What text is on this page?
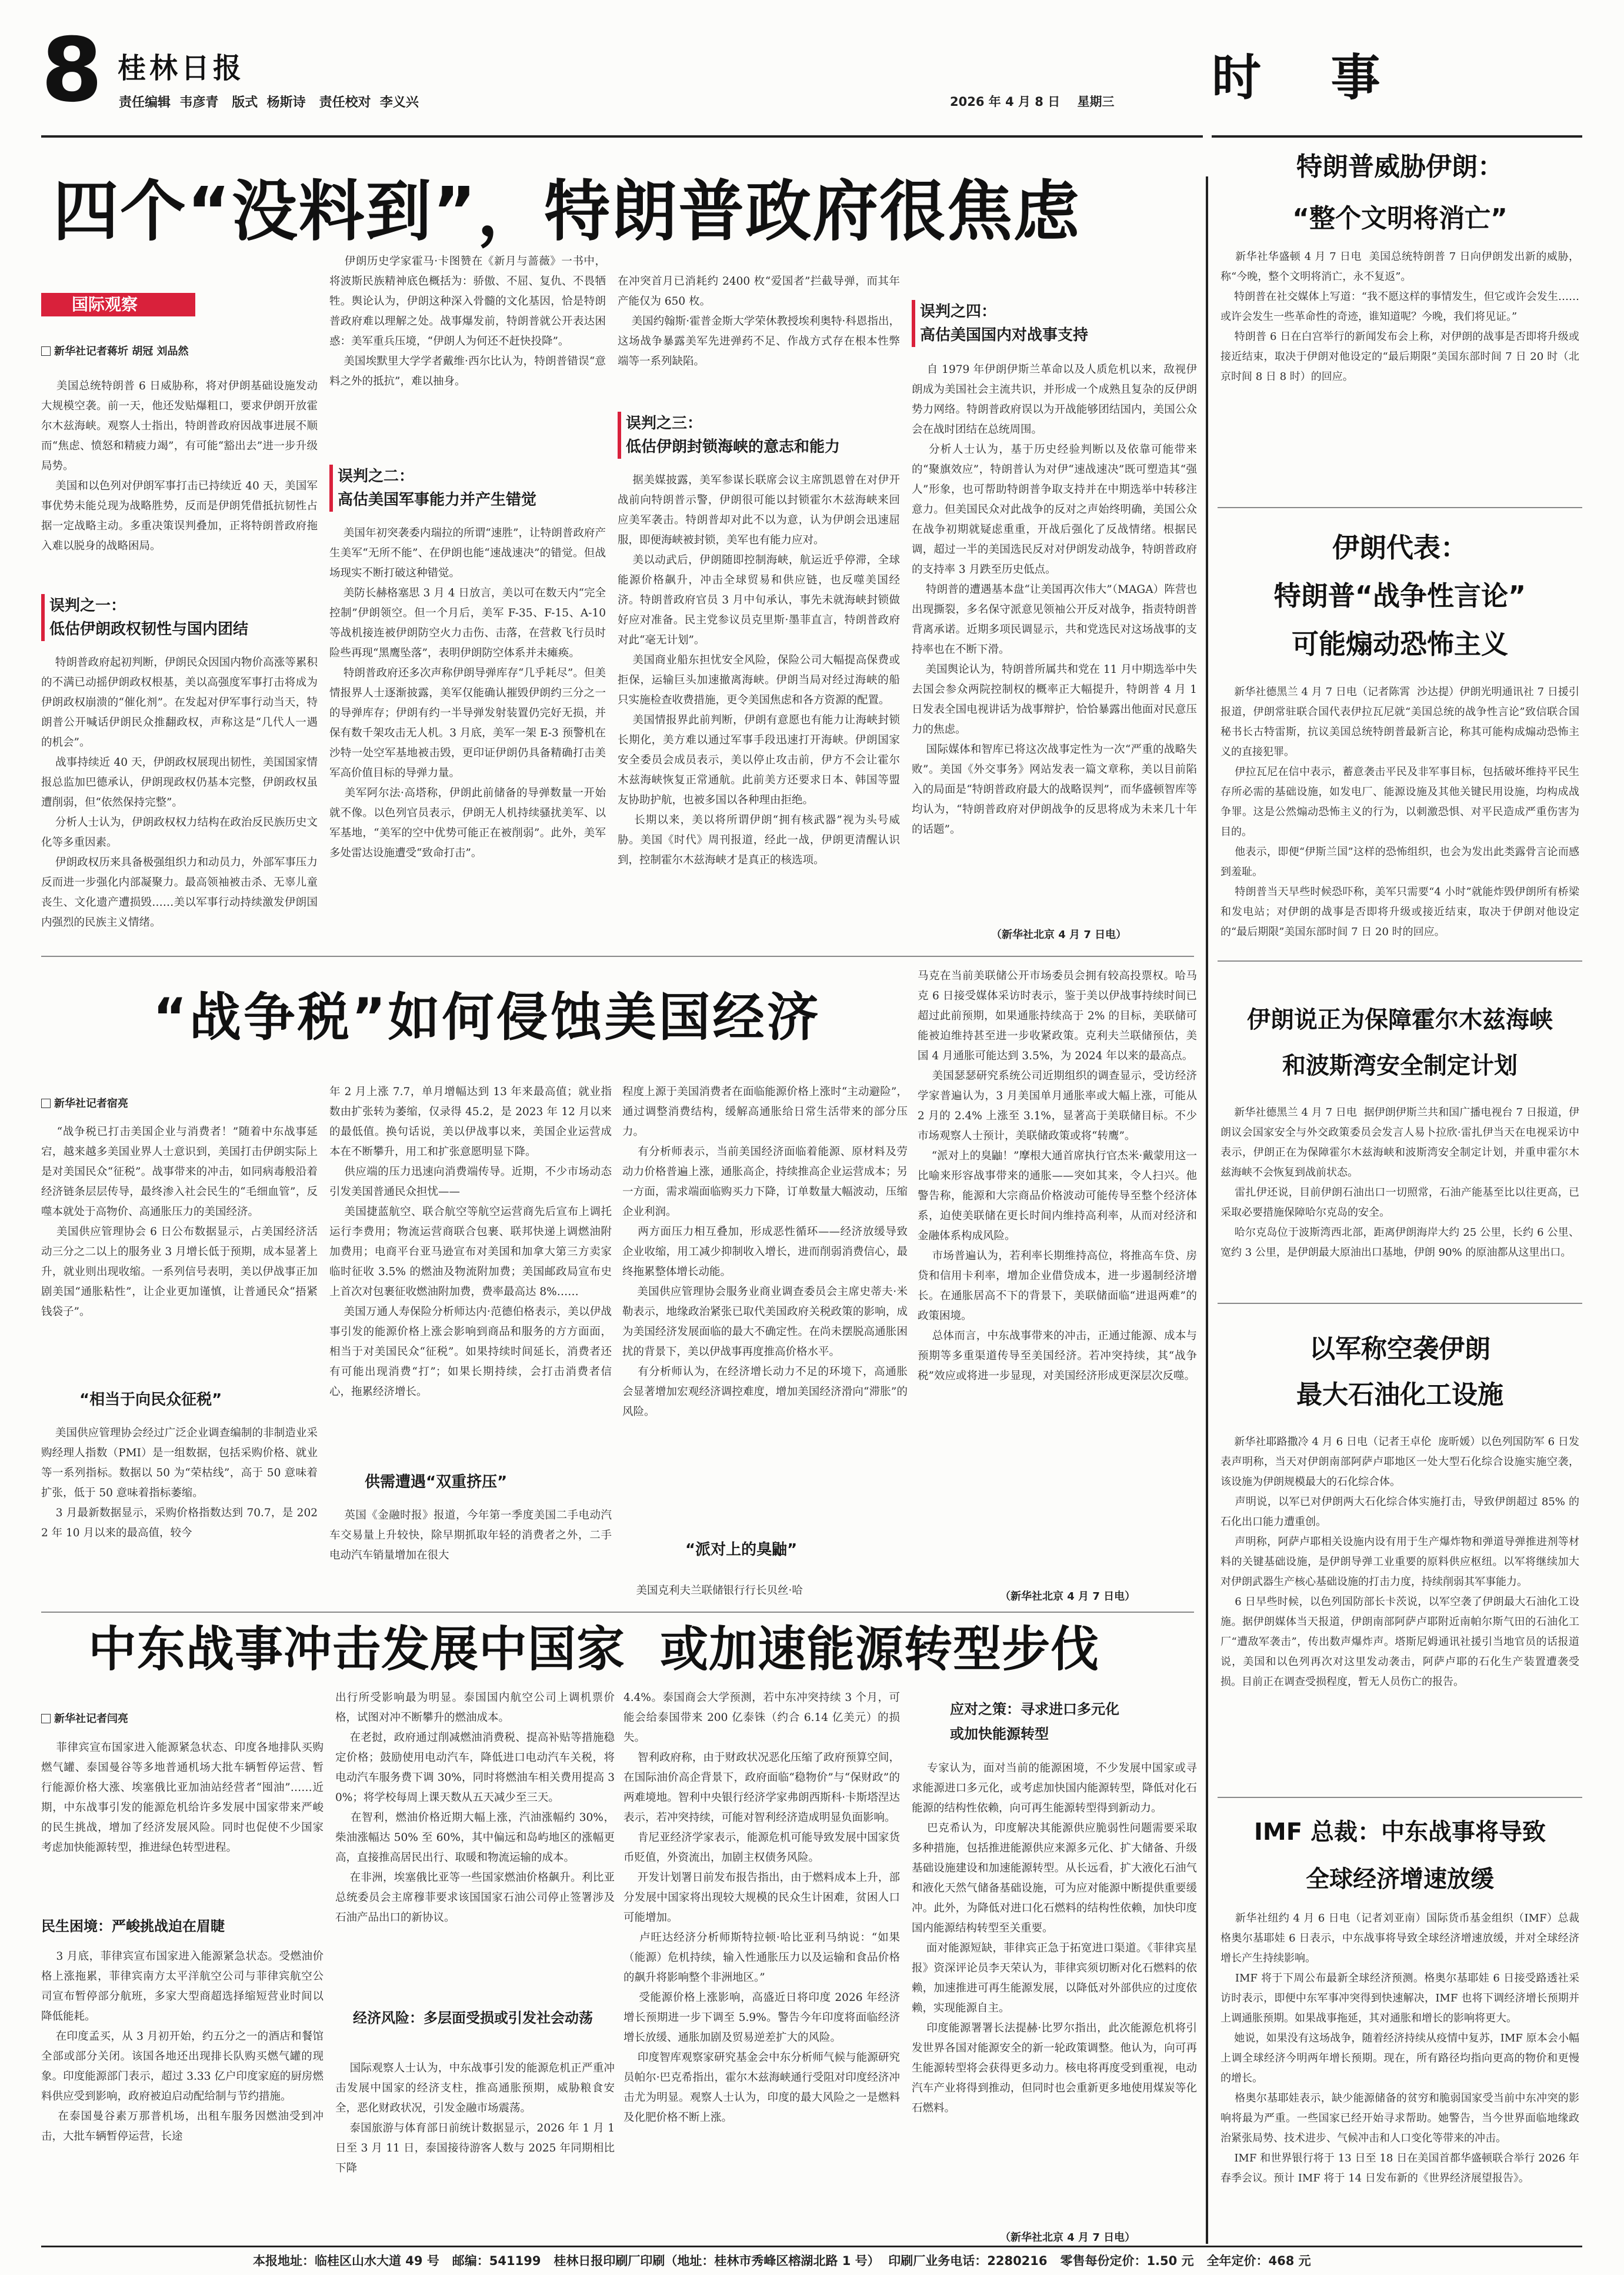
8 桂林日报
责任编辑  韦彦青   版式  杨斯诗   责任校对  李义兴	2026 年 4 月 8 日    星期三 时  事
四个“没料到”，特朗普政府很焦虑
国际观察
新华社记者蒋圻 胡冠 刘品然
美国总统特朗普 6 日威胁称，将对伊朗基础设施发动大规模空袭。前一天，他还发贴爆粗口，要求伊朗开放霍尔木兹海峡。观察人士指出，特朗普政府因战事进展不顺而“焦虑、愤怒和精疲力竭”，有可能“豁出去”进一步升级局势。
美国和以色列对伊朗军事打击已持续近 40 天，美国军事优势未能兑现为战略胜势，反而是伊朗凭借抵抗韧性占据一定战略主动。多重决策误判叠加，正将特朗普政府拖入难以脱身的战略困局。
误判之一：
低估伊朗政权韧性与国内团结
特朗普政府起初判断，伊朗民众因国内物价高涨等累积的不满已动摇伊朗政权根基，美以高强度军事打击将成为伊朗政权崩溃的“催化剂”。在发起对伊军事行动当天，特朗普公开喊话伊朗民众推翻政权，声称这是“几代人一遇的机会”。
战事持续近 40 天，伊朗政权展现出韧性，美国国家情报总监加巴德承认，伊朗现政权仍基本完整，伊朗政权虽遭削弱，但“依然保持完整”。
分析人士认为，伊朗政权权力结构在政治反民族历史文化等多重因素。
伊朗政权历来具备极强组织力和动员力，外部军事压力反而进一步强化内部凝聚力。最高领袖被击杀、无辜儿童丧生、文化遗产遭损毁……美以军事行动持续激发伊朗国内强烈的民族主义情绪。
伊朗历史学家霍马·卡图赞在《新月与蔷薇》一书中，将波斯民族精神底色概括为：骄傲、不屈、复仇、不畏牺牲。舆论认为，伊朗这种深入骨髓的文化基因，恰是特朗普政府难以理解之处。战事爆发前，特朗普就公开表达困惑：美军重兵压境，“伊朗人为何还不赶快投降”。
美国埃默里大学学者戴维·西尔比认为，特朗普错误“意料之外的抵抗”，难以抽身。
误判之二：
高估美国军事能力并产生错觉
美国年初突袭委内瑞拉的所谓“速胜”，让特朗普政府产生美军“无所不能”、在伊朗也能“速战速决”的错觉。但战场现实不断打破这种错觉。
美防长赫格塞思 3 月 4 日放言，美以可在数天内“完全控制”伊朗领空。但一个月后，美军 F-35、F-15、A-10 等战机接连被伊朗防空火力击伤、击落，在营救飞行员时险些再现“黑鹰坠落”，表明伊朗防空体系并未瘫痪。
特朗普政府还多次声称伊朗导弹库存“几乎耗尽”。但美情报界人士逐渐披露，美军仅能确认摧毁伊朗约三分之一的导弹库存；伊朗有约一半导弹发射装置仍完好无损，并保有数千架攻击无人机。3 月底，美军一架 E-3 预警机在沙特一处空军基地被击毁，更印证伊朗仍具备精确打击美军高价值目标的导弹力量。
美军阿尔法·高塔称，伊朗此前储备的导弹数量一开始就不像。以色列官员表示，伊朗无人机持续骚扰美军、以军基地，“美军的空中优势可能正在被削弱”。此外，美军多处雷达设施遭受“致命打击”。
在冲突首月已消耗约 2400 枚“爱国者”拦截导弹，而其年产能仅为 650 枚。
美国约翰斯·霍普金斯大学荣休教授埃利奥特·科恩指出，这场战争暴露美军先进弹药不足、作战方式存在根本性弊端等一系列缺陷。
误判之三：
低估伊朗封锁海峡的意志和能力
据美媒披露，美军参谋长联席会议主席凯恩曾在对伊开战前向特朗普示警，伊朗很可能以封锁霍尔木兹海峡来回应美军袭击。特朗普却对此不以为意，认为伊朗会迅速屈服，即便海峡被封锁，美军也有能力应对。
美以动武后，伊朗随即控制海峡，航运近乎停滞，全球能源价格飙升，冲击全球贸易和供应链，也反噬美国经济。特朗普政府官员 3 月中旬承认，事先未就海峡封锁做好应对准备。民主党参议员克里斯·墨菲直言，特朗普政府对此“毫无计划”。
美国商业船东担忧安全风险，保险公司大幅提高保费或拒保，运输巨头加速撤离海峡。伊朗当局对经过海峡的船只实施检查收费措施，更令美国焦虑和各方资源的配置。
美国情报界此前判断，伊朗有意愿也有能力让海峡封锁长期化，美方难以通过军事手段迅速打开海峡。伊朗国家安全委员会成员表示，美以停止攻击前，伊方不会让霍尔木兹海峡恢复正常通航。此前美方还要求日本、韩国等盟友协助护航，也被多国以各种理由拒绝。
长期以来，美以将所谓伊朗“拥有核武器”视为头号威胁。美国《时代》周刊报道，经此一战，伊朗更清醒认识到，控制霍尔木兹海峡才是真正的核选项。
误判之四：
高估美国国内对战事支持
自 1979 年伊朗伊斯兰革命以及人质危机以来，敌视伊朗成为美国社会主流共识，并形成一个成熟且复杂的反伊朗势力网络。特朗普政府误以为开战能够团结国内，美国公众会在战时团结在总统周围。
分析人士认为，基于历史经验判断以及依靠可能带来的“聚旗效应”，特朗普认为对伊“速战速决”既可塑造其“强人”形象，也可帮助特朗普争取支持并在中期选举中转移注意力。但美国民众对此战争的反对之声始终明确，美国公众在战争初期就疑虑重重，开战后强化了反战情绪。根据民调，超过一半的美国选民反对对伊朗发动战争，特朗普政府的支持率 3 月跌至历史低点。
特朗普的遭遇基本盘“让美国再次伟大”（MAGA）阵营也出现撕裂，多名保守派意见领袖公开反对战争，指责特朗普背离承诺。近期多项民调显示，共和党选民对这场战事的支持率也在不断下滑。
美国舆论认为，特朗普所属共和党在 11 月中期选举中失去国会参众两院控制权的概率正大幅提升，特朗普 4 月 1 日发表全国电视讲话为战事辩护，恰恰暴露出他面对民意压力的焦虑。
国际媒体和智库已将这次战事定性为一次“严重的战略失败”。美国《外交事务》网站发表一篇文章称，美以目前陷入的局面是“特朗普政府最大的战略误判”，而华盛顿智库等均认为，“特朗普政府对伊朗战争的反思将成为未来几十年的话题”。
（新华社北京 4 月 7 日电）
“战争税”如何侵蚀美国经济
新华社记者宿亮
“战争税已打击美国企业与消费者！”随着中东战事延宕，越来越多美国业界人士意识到，美国打击伊朗实际上是对美国民众“征税”。战事带来的冲击，如同病毒般沿着经济链条层层传导，最终渗入社会民生的“毛细血管”，反噬本就处于高物价、高通胀压力的美国经济。
美国供应管理协会 6 日公布数据显示，占美国经济活动三分之二以上的服务业 3 月增长低于预期，成本显著上升，就业则出现收缩。一系列信号表明，美以伊战事正加剧美国“通胀粘性”，让企业更加谨慎，让普通民众“捂紧钱袋子”。
“相当于向民众征税”
美国供应管理协会经过广泛企业调查编制的非制造业采购经理人指数（PMI）是一组数据，包括采购价格、就业等一系列指标。数据以 50 为“荣枯线”，高于 50 意味着扩张，低于 50 意味着指标萎缩。
3 月最新数据显示，采购价格指数达到 70.7，是 2022 年 10 月以来的最高值，较今
年 2 月上涨 7.7，单月增幅达到 13 年来最高值；就业指数由扩张转为萎缩，仅录得 45.2，是 2023 年 12 月以来的最低值。换句话说，美以伊战事以来，美国企业运营成本在不断攀升，用工和扩张意愿明显下降。
供应端的压力迅速向消费端传导。近期，不少市场动态引发美国普通民众担忧——
美国捷蓝航空、联合航空等航空运营商先后宣布上调托运行李费用；物流运营商联合包裹、联邦快递上调燃油附加费用；电商平台亚马逊宣布对美国和加拿大第三方卖家临时征收 3.5% 的燃油及物流附加费；美国邮政局宣布史上首次对包裹征收燃油附加费，费率最高达 8%……
美国万通人寿保险分析师达内·范德伯格表示，美以伊战事引发的能源价格上涨会影响到商品和服务的方方面面，相当于对美国民众“征税”。如果持续时间延长，消费者还有可能出现消费“打”；如果长期持续，会打击消费者信心，拖累经济增长。
供需遭遇“双重挤压”
英国《金融时报》报道，今年第一季度美国二手电动汽车交易量上升较快，除早期抓取年轻的消费者之外，二手电动汽车销量增加在很大
程度上源于美国消费者在面临能源价格上涨时“主动避险”，通过调整消费结构，缓解高通胀给日常生活带来的部分压力。
有分析师表示，当前美国经济面临着能源、原材料及劳动力价格普遍上涨，通胀高企，持续推高企业运营成本；另一方面，需求端面临购买力下降，订单数量大幅波动，压缩企业利润。
两方面压力相互叠加，形成恶性循环——经济放缓导致企业收缩，用工减少抑制收入增长，进而削弱消费信心，最终拖累整体增长动能。
美国供应管理协会服务业商业调查委员会主席史蒂夫·米勒表示，地缘政治紧张已取代美国政府关税政策的影响，成为美国经济发展面临的最大不确定性。在尚未摆脱高通胀困扰的背景下，美以伊战事再度推高价格水平。
有分析师认为，在经济增长动力不足的环境下，高通胀会显著增加宏观经济调控难度，增加美国经济滑向“滞胀”的风险。
“派对上的臭鼬”
美国克利夫兰联储银行行长贝丝·哈
马克在当前美联储公开市场委员会拥有较高投票权。哈马克 6 日接受媒体采访时表示，鉴于美以伊战事持续时间已超过此前预期，如果通胀持续高于 2% 的目标，美联储可能被迫维持甚至进一步收紧政策。克利夫兰联储预估，美国 4 月通胀可能达到 3.5%，为 2024 年以来的最高点。
美国瑟瑟研究系统公司近期组织的调查显示，受访经济学家普遍认为，3 月美国单月通胀率或大幅上涨，可能从 2 月的 2.4% 上涨至 3.1%，显著高于美联储目标。不少市场观察人士预计，美联储政策或将“转鹰”。
“派对上的臭鼬！”摩根大通首席执行官杰米·戴蒙用这一比喻来形容战事带来的通胀——突如其来，令人扫兴。他警告称，能源和大宗商品价格波动可能传导至整个经济体系，迫使美联储在更长时间内维持高利率，从而对经济和金融体系构成风险。
市场普遍认为，若利率长期维持高位，将推高车贷、房贷和信用卡利率，增加企业借贷成本，进一步遏制经济增长。在通胀居高不下的背景下，美联储面临“进退两难”的政策困境。
总体而言，中东战事带来的冲击，正通过能源、成本与预期等多重渠道传导至美国经济。若冲突持续，其“战争税”效应或将进一步显现，对美国经济形成更深层次反噬。
（新华社北京 4 月 7 日电）
中东战事冲击发展中国家  或加速能源转型步伐
新华社记者闫亮
菲律宾宣布国家进入能源紧急状态、印度各地排队买购燃气罐、泰国曼谷等多地普通机场大批车辆暂停运营、暂行能源价格大涨、埃塞俄比亚加油站经营者“囤油”……近期，中东战事引发的能源危机给许多发展中国家带来严峻的民生挑战，增加了经济发展风险。同时也促使不少国家考虑加快能源转型，推进绿色转型进程。
民生困境：严峻挑战迫在眉睫
3 月底，菲律宾宣布国家进入能源紧急状态。受燃油价格上涨拖累，菲律宾南方太平洋航空公司与菲律宾航空公司宣布暂停部分航班，多家大型商超选择缩短营业时间以降低能耗。
在印度孟买，从 3 月初开始，约五分之一的酒店和餐馆全部或部分关闭。该国各地还出现排长队购买燃气罐的现象。印度能源部门表示，超过 3.33 亿户印度家庭的厨房燃料供应受到影响，政府被迫启动配给制与节约措施。
在泰国曼谷素万那普机场，出租车服务因燃油受到冲击，大批车辆暂停运营，长途
出行所受影响最为明显。泰国国内航空公司上调机票价格，试图对冲不断攀升的燃油成本。
在老挝，政府通过削减燃油消费税、提高补贴等措施稳定价格；鼓励使用电动汽车，降低进口电动汽车关税，将电动汽车服务费下调 30%，同时将燃油车相关费用提高 30%；将学校每周上课天数从五天减少至三天。
在智利，燃油价格近期大幅上涨，汽油涨幅约 30%，柴油涨幅达 50% 至 60%，其中偏远和岛屿地区的涨幅更高，直接推高居民出行、取暖和物流运输的成本。
在非洲，埃塞俄比亚等一些国家燃油价格飙升。利比亚总统委员会主席穆菲要求该国国家石油公司停止签署涉及石油产品出口的新协议。
经济风险：多层面受损或引发社会动荡
国际观察人士认为，中东战事引发的能源危机正严重冲击发展中国家的经济支柱，推高通胀预期，威胁粮食安全，恶化财政状况，引发金融市场震荡。
泰国旅游与体育部日前统计数据显示，2026 年 1 月 1 日至 3 月 11 日，泰国接待游客人数与 2025 年同期相比下降
4.4%。泰国商会大学预测，若中东冲突持续 3 个月，可能会给泰国带来 200 亿泰铢（约合 6.14 亿美元）的损失。
智利政府称，由于财政状况恶化压缩了政府预算空间，在国际油价高企背景下，政府面临“稳物价”与“保财政”的两难境地。智利中央银行经济学家弗朗西斯科·卡斯塔涅达表示，若冲突持续，可能对智利经济造成明显负面影响。
肯尼亚经济学家表示，能源危机可能导致发展中国家货币贬值，外资流出，加剧主权债务风险。
开发计划署日前发布报告指出，由于燃料成本上升，部分发展中国家将出现较大规模的民众生计困难，贫困人口可能增加。
卢旺达经济分析师斯特拉顿·哈比亚利马纳说：“如果（能源）危机持续，输入性通胀压力以及运输和食品价格的飙升将影响整个非洲地区。”
受能源价格上涨影响，高盛近日将印度 2026 年经济增长预期进一步下调至 5.9%。警告今年印度将面临经济增长放缓、通胀加剧及贸易逆差扩大的风险。
印度智库观察家研究基金会中东分析师气候与能源研究员帕尔·巴克希指出，霍尔木兹海峡通行受阻对印度经济冲击尤为明显。观察人士认为，印度的最大风险之一是燃料及化肥价格不断上涨。
应对之策：寻求进口多元化
或加快能源转型
专家认为，面对当前的能源困境，不少发展中国家或寻求能源进口多元化，或考虑加快国内能源转型，降低对化石能源的结构性依赖，向可再生能源转型得到新动力。
巴克希认为，印度解决其能源供应脆弱性问题需要采取多种措施，包括推进能源供应来源多元化、扩大储备、升级基础设施建设和加速能源转型。从长远看，扩大液化石油气和液化天然气储备基础设施，可为应对能源中断提供重要缓冲。此外，为降低对进口化石燃料的结构性依赖，加快印度国内能源结构转型至关重要。
面对能源短缺，菲律宾正急于拓宽进口渠道。《菲律宾星报》资深评论员李天荣认为，菲律宾须切断对化石燃料的依赖，加速推进可再生能源发展，以降低对外部供应的过度依赖，实现能源自主。
印度能源署署长法提赫·比罗尔指出，此次能源危机将引发世界各国对能源安全的新一轮政策调整。他认为，向可再生能源转型将会获得更多动力。核电将再度受到重视，电动汽车产业将得到推动，但同时也会重新更多地使用煤炭等化石燃料。
（新华社北京 4 月 7 日电）
特朗普威胁伊朗：
“整个文明将消亡”
新华社华盛顿 4 月 7 日电  美国总统特朗普 7 日向伊朗发出新的威胁，称“今晚，整个文明将消亡，永不复返”。
特朗普在社交媒体上写道：“我不愿这样的事情发生，但它或许会发生……或许会发生一些革命性的奇迹，谁知道呢？今晚，我们将见证。”
特朗普 6 日在白宫举行的新闻发布会上称，对伊朗的战事是否即将升级或接近结束，取决于伊朗对他设定的“最后期限”美国东部时间 7 日 20 时（北京时间 8 日 8 时）的回应。
伊朗代表：
特朗普“战争性言论”
可能煽动恐怖主义
新华社德黑兰 4 月 7 日电（记者陈霄  沙达提）伊朗光明通讯社 7 日援引报道，伊朗常驻联合国代表伊拉瓦尼就“美国总统的战争性言论”致信联合国秘书长古特雷斯，抗议美国总统特朗普最新言论，称其可能构成煽动恐怖主义的直接犯罪。
伊拉瓦尼在信中表示，蓄意袭击平民及非军事目标，包括破坏维持平民生存所必需的基础设施，如发电厂、能源设施及其他关键民用设施，均构成战争罪。这是公然煽动恐怖主义的行为，以刺激恐惧、对平民造成严重伤害为目的。
他表示，即便“伊斯兰国”这样的恐怖组织，也会为发出此类露骨言论而感到羞耻。
特朗普当天早些时候恐吓称，美军只需要“4 小时”就能炸毁伊朗所有桥梁和发电站；对伊朗的战事是否即将升级或接近结束，取决于伊朗对他设定的“最后期限”美国东部时间 7 日 20 时的回应。
伊朗说正为保障霍尔木兹海峡
和波斯湾安全制定计划
新华社德黑兰 4 月 7 日电  据伊朗伊斯兰共和国广播电视台 7 日报道，伊朗议会国家安全与外交政策委员会发言人易卜拉欣·雷扎伊当天在电视采访中表示，伊朗正在为保障霍尔木兹海峡和波斯湾安全制定计划，并重申霍尔木兹海峡不会恢复到战前状态。
雷扎伊还说，目前伊朗石油出口一切照常，石油产能基至比以往更高，已采取必要措施保障哈尔克岛的安全。
哈尔克岛位于波斯湾西北部，距离伊朗海岸大约 25 公里，长约 6 公里、宽约 3 公里，是伊朗最大原油出口基地，伊朗 90% 的原油都从这里出口。
以军称空袭伊朗
最大石油化工设施
新华社耶路撒冷 4 月 6 日电（记者王卓伦  庞昕媛）以色列国防军 6 日发表声明称，当天对伊朗南部阿萨卢耶地区一处大型石化综合设施实施空袭，该设施为伊朗规模最大的石化综合体。
声明说，以军已对伊朗两大石化综合体实施打击，导致伊朗超过 85% 的石化出口能力遭重创。
声明称，阿萨卢耶相关设施内设有用于生产爆炸物和弹道导弹推进剂等材料的关键基础设施，是伊朗导弹工业重要的原料供应枢纽。以军将继续加大对伊朗武器生产核心基础设施的打击力度，持续削弱其军事能力。
6 日早些时候，以色列国防部长卡茨说，以军空袭了伊朗最大石油化工设施。据伊朗媒体当天报道，伊朗南部阿萨卢耶附近南帕尔斯气田的石油化工厂“遭敌军袭击”，传出数声爆炸声。塔斯尼姆通讯社援引当地官员的话报道说，美国和以色列再次对这里发动袭击，阿萨卢耶的石化生产装置遭袭受损。目前正在调查受损程度，暂无人员伤亡的报告。
IMF 总裁：中东战事将导致
全球经济增速放缓
新华社纽约 4 月 6 日电（记者刘亚南）国际货币基金组织（IMF）总裁格奥尔基耶娃 6 日表示，中东战事将导致全球经济增速放缓，并对全球经济增长产生持续影响。
IMF 将于下周公布最新全球经济预测。格奥尔基耶娃 6 日接受路透社采访时表示，即便中东军事冲突得到快速解决，IMF 也将下调经济增长预期并上调通胀预期。如果战事拖延，其对通胀和增长的影响将更大。
她说，如果没有这场战争，随着经济持续从疫情中复苏，IMF 原本会小幅上调全球经济今明两年增长预期。现在，所有路径均指向更高的物价和更慢的增长。
格奥尔基耶娃表示，缺少能源储备的贫穷和脆弱国家受当前中东冲突的影响将最为严重。一些国家已经开始寻求帮助。她警告，当今世界面临地缘政治紧张局势、技术进步、气候冲击和人口变化等带来的冲击。
IMF 和世界银行将于 13 日至 18 日在美国首都华盛顿联合举行 2026 年春季会议。预计 IMF 将于 14 日发布新的《世界经济展望报告》。
本报地址：临桂区山水大道 49 号   邮编：541199   桂林日报印刷厂印刷（地址：桂林市秀峰区榕湖北路 1 号）  印刷厂业务电话：2280216   零售每份定价：1.50 元   全年定价：468 元
